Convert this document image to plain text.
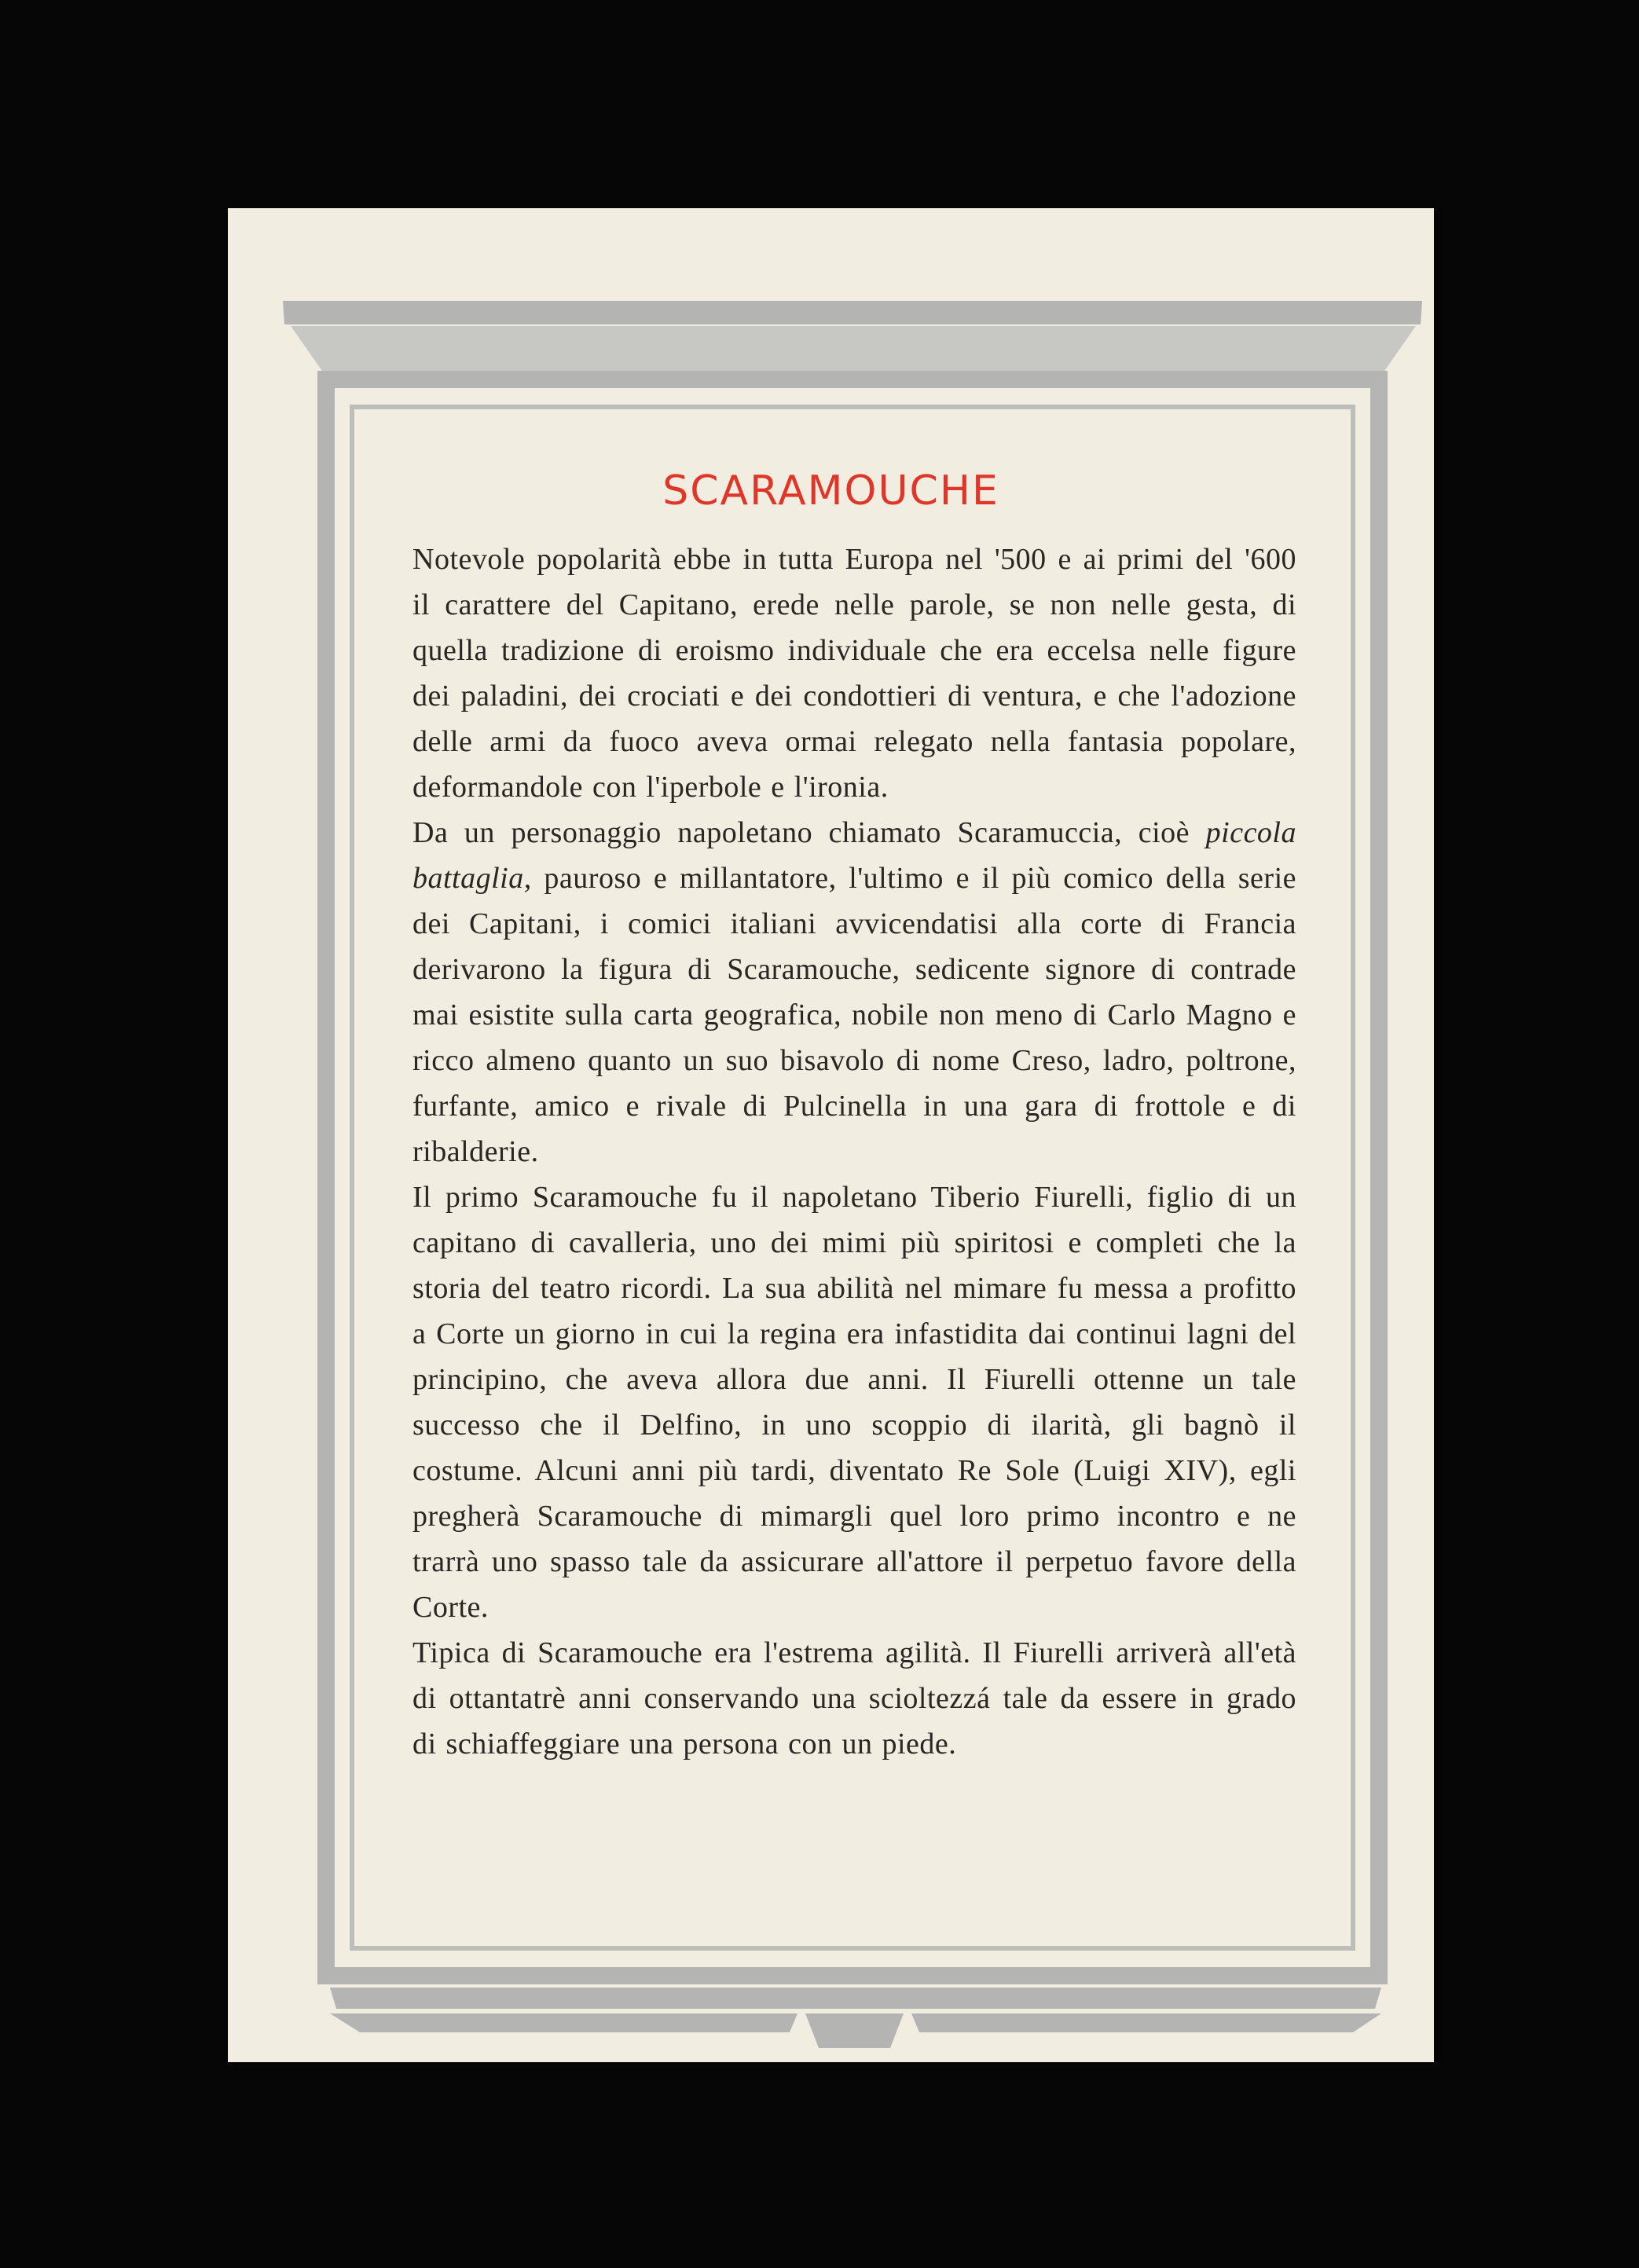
SCARAMOUCHE

Notevole popolarità ebbe in tutta Europa nel '500 e ai primi del '600 il carattere del Capitano, erede nelle parole, se non nelle gesta, di quella tradizione di eroismo individuale che era eccelsa nelle figure dei paladini, dei crociati e dei condottieri di ventura, e che l'adozione delle armi da fuoco aveva ormai relegato nella fantasia popolare, deformandole con l'iperbole e l'ironia.

Da un personaggio napoletano chiamato Scaramuccia, cioè piccola battaglia, pauroso e millantatore, l'ultimo e il più comico della serie dei Capitani, i comici italiani avvicendatisi alla corte di Francia derivarono la figura di Scaramouche, sedicente signore di contrade mai esistite sulla carta geografica, nobile non meno di Carlo Magno e ricco almeno quanto un suo bisavolo di nome Creso, ladro, poltrone, furfante, amico e rivale di Pulcinella in una gara di frottole e di ribalderie.

Il primo Scaramouche fu il napoletano Tiberio Fiurelli, figlio di un capitano di cavalleria, uno dei mimi più spiritosi e completi che la storia del teatro ricordi. La sua abilità nel mimare fu messa a profitto a Corte un giorno in cui la regina era infastidita dai continui lagni del principino, che aveva allora due anni. Il Fiurelli ottenne un tale successo che il Delfino, in uno scoppio di ilarità, gli bagnò il costume. Alcuni anni più tardi, diventato Re Sole (Luigi XIV), egli pregherà Scaramouche di mimargli quel loro primo incontro e ne trarrà uno spasso tale da assicurare all'attore il perpetuo favore della Corte.

Tipica di Scaramouche era l'estrema agilità. Il Fiurelli arriverà all'età di ottantatrè anni conservando una scioltezzá tale da essere in grado di schiaffeggiare una persona con un piede.
